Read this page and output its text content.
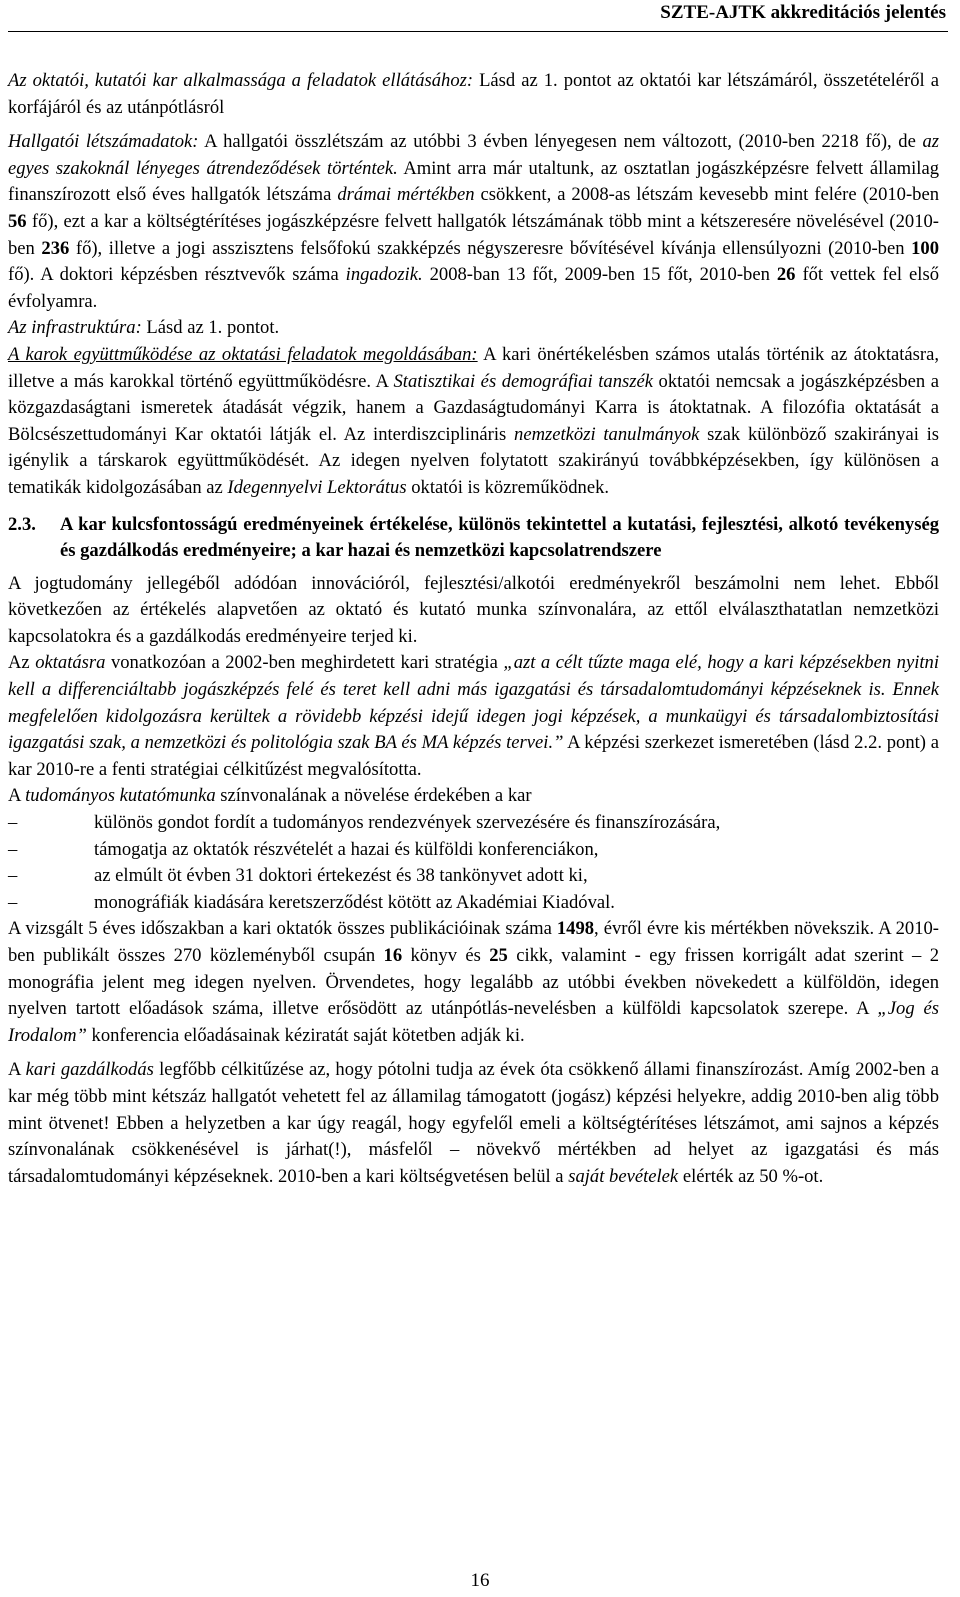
SZTE-AJTK akkreditációs jelentés

Az oktatói, kutatói kar alkalmassága a feladatok ellátásához: Lásd az 1. pontot az oktatói kar létszámáról, összetételéről a korfájáról és az utánpótlásról

Hallgatói létszámadatok: A hallgatói összlétszám az utóbbi 3 évben lényegesen nem változott, (2010-ben 2218 fő), de az egyes szakoknál lényeges átrendeződések történtek. Amint arra már utaltunk, az osztatlan jogászképzésre felvett államilag finanszírozott első éves hallgatók létszáma drámai mértékben csökkent, a 2008-as létszám kevesebb mint felére (2010-ben 56 fő), ezt a kar a költségtérítéses jogászképzésre felvett hallgatók létszámának több mint a kétszeresére növelésével (2010-ben 236 fő), illetve a jogi asszisztens felsőfokú szakképzés négyszeresre bővítésével kívánja ellensúlyozni (2010-ben 100 fő). A doktori képzésben résztvevők száma ingadozik. 2008-ban 13 főt, 2009-ben 15 főt, 2010-ben 26 főt vettek fel első évfolyamra.

Az infrastruktúra: Lásd az 1. pontot.

A karok együttműködése az oktatási feladatok megoldásában: A kari önértékelésben számos utalás történik az átoktatásra, illetve a más karokkal történő együttműködésre. A Statisztikai és demográfiai tanszék oktatói nemcsak a jogászképzésben a közgazdaságtani ismeretek átadását végzik, hanem a Gazdaságtudományi Karra is átoktatnak. A filozófia oktatását a Bölcsészettudományi Kar oktatói látják el. Az interdiszciplináris nemzetközi tanulmányok szak különböző szakirányai is igénylik a társkarok együttműködését. Az idegen nyelven folytatott szakirányú továbbképzésekben, így különösen a tematikák kidolgozásában az Idegennyelvi Lektorátus oktatói is közreműködnek.

2.3.	A kar kulcsfontosságú eredményeinek értékelése, különös tekintettel a kutatási, fejlesztési, alkotó tevékenység és gazdálkodás eredményeire; a kar hazai és nemzetközi kapcsolatrendszere

A jogtudomány jellegéből adódóan innovációról, fejlesztési/alkotói eredményekről beszámolni nem lehet. Ebből következően az értékelés alapvetően az oktató és kutató munka színvonalára, az ettől elválaszthatatlan nemzetközi kapcsolatokra és a gazdálkodás eredményeire terjed ki.

Az oktatásra vonatkozóan a 2002-ben meghirdetett kari stratégia „azt a célt tűzte maga elé, hogy a kari képzésekben nyitni kell a differenciáltabb jogászképzés felé és teret kell adni más igazgatási és társadalomtudományi képzéseknek is. Ennek megfelelően kidolgozásra kerültek a rövidebb képzési idejű idegen jogi képzések, a munkaügyi és társadalombiztosítási igazgatási szak, a nemzetközi és politológia szak BA és MA képzés tervei.” A képzési szerkezet ismeretében (lásd 2.2. pont) a kar 2010-re a fenti stratégiai célkitűzést megvalósította.

A tudományos kutatómunka színvonalának a növelése érdekében a kar

–	különös gondot fordít a tudományos rendezvények szervezésére és finanszírozására,
–	támogatja az oktatók részvételét a hazai és külföldi konferenciákon,
–	az elmúlt öt évben 31 doktori értekezést és 38 tankönyvet adott ki,
–	monográfiák kiadására keretszerződést kötött az Akadémiai Kiadóval.

A vizsgált 5 éves időszakban a kari oktatók összes publikációinak száma 1498, évről évre kis mértékben növekszik. A 2010-ben publikált összes 270 közleményből csupán 16 könyv és 25 cikk, valamint - egy frissen korrigált adat szerint – 2 monográfia jelent meg idegen nyelven. Örvendetes, hogy legalább az utóbbi években növekedett a külföldön, idegen nyelven tartott előadások száma, illetve erősödött az utánpótlás-nevelésben a külföldi kapcsolatok szerepe. A „Jog és Irodalom” konferencia előadásainak kéziratát saját kötetben adják ki.

A kari gazdálkodás legfőbb célkitűzése az, hogy pótolni tudja az évek óta csökkenő állami finanszírozást. Amíg 2002-ben a kar még több mint kétszáz hallgatót vehetett fel az államilag támogatott (jogász) képzési helyekre, addig 2010-ben alig több mint ötvenet! Ebben a helyzetben a kar úgy reagál, hogy egyfelől emeli a költségtérítéses létszámot, ami sajnos a képzés színvonalának csökkenésével is járhat(!), másfelől – növekvő mértékben ad helyet az igazgatási és más társadalomtudományi képzéseknek. 2010-ben a kari költségvetésen belül a saját bevételek elérték az 50 %-ot.

16
